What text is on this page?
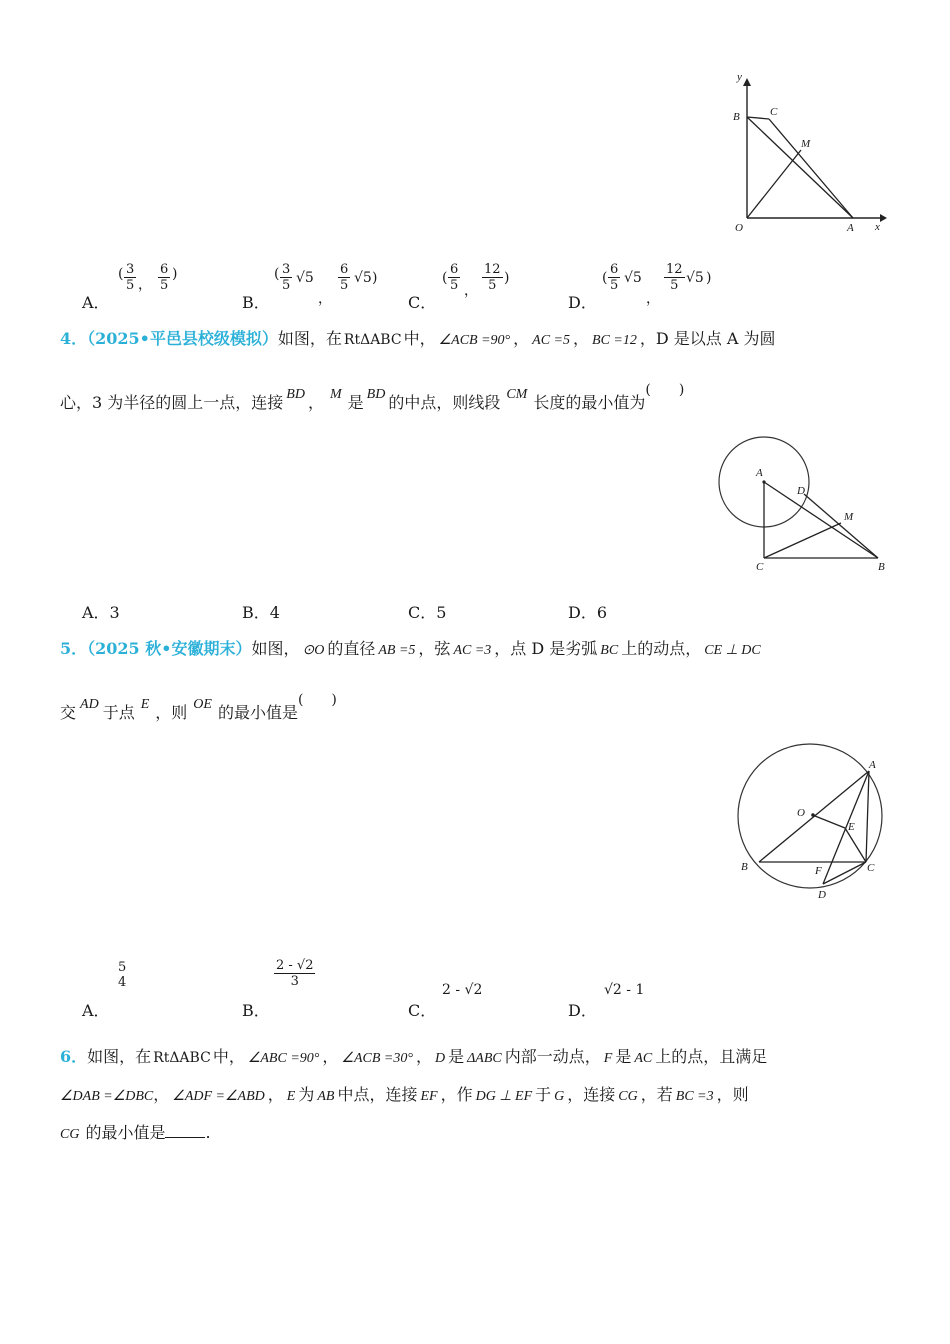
y
B	C
M
O	A x
A．
( $\frac{3}{5}$ ， $\frac{6}{5}$ )
B．
( $\frac{3}{5} √5$
，
$\frac{6}{5} √5$ )
C．
( $\frac{6}{5}$ ， $\frac{12}{5}$ )
D．
( $\frac{6}{5} √5$
，
$\frac{12}{5} √5$ )
4．（2025•平邑县校级模拟）如图，在 RtΔABC 中， ∠ACB =90° ， AC =5 ， BC =12 ，D 是以点 A 为圆
心，3 为半径的圆上一点，连接 BD ， M 是 BD 的中点，则线段 CM 长度的最小值为(　　)
A
D
M
C	B
A．3	B．4	C．5	D．6
5．（2025 秋•安徽期末）如图， ⊙O 的直径 AB =5 ，弦 AC =3 ，点 D 是劣弧 BC 上的动点， CE ⊥ DC
交 AD 于点 E ，则 OE 的最小值是(　　)
A
O
E
B	F	C
D
A．
5
4
B．
$\frac{2 - √2}{3}$
C．
2 - √2
D．
√2 - 1
6．如图，在 RtΔABC 中， ∠ABC =90° ， ∠ACB =30° ， D 是 ΔABC 内部一动点， F 是 AC 上的点，且满足
∠DAB =∠DBC， ∠ADF =∠ABD ， E 为 AB 中点，连接 EF ，作 DG ⊥ EF 于 G ，连接 CG ，若 BC =3 ，则
CG 的最小值是	.
